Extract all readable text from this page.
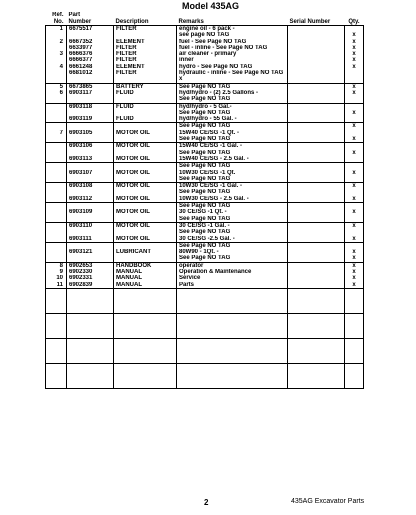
Model 435AG
Ref.
No.	Part
Number	Description	Remarks	Serial Number	Qty.
1	6675517	FILTER	engine oil - 6 pack -		
			see page NO TAG		x
2	6667352	ELEMENT	fuel - See Page NO TAG		x
	6633977	FILTER	fuel - inline - See Page NO TAG		x
3	6666376	FILTER	air cleaner - primary		x
	6666377	FILTER	inner		x
4	6661248	ELEMENT	hydro - See Page NO TAG		x
	6681012	FILTER	hydraulic - inline - See Page NO TAG		
			x		
5	6673865	BATTERY	See Page NO TAG		x
6	6903117	FLUID	hyd/hydro - (2) 2.5 Gallons -		x
			See Page NO TAG		
	6903118	FLUID	hyd/hydro - 5 Gal.-		
			See Page NO TAG		x
	6903119	FLUID	hyd/hydro - 55 Gal. -		
			See Page NO TAG		x
7	6903105	MOTOR OIL	15W40 CE/SG -1 Qt. -		
			See Page NO TAG		x
	6903106	MOTOR OIL	15W40 CE/SG -1 Gal. -		
			See Page NO TAG		x
	6903113	MOTOR OIL	15W40 CE/SG - 2.5 Gal. -		
			See Page NO TAG		
	6903107	MOTOR OIL	10W30 CE/SG -1 Qt.		x
			See Page NO TAG		
	6903108	MOTOR OIL	10W30 CE/SG -1 Gal. -		x
			See Page NO TAG		
	6903112	MOTOR OIL	10W30 CE/SG - 2.5 Gal. -		x
			See Page NO TAG		
	6903109	MOTOR OIL	30 CE/SG -1 Qt. -		x
			See Page NO TAG		
	6903110	MOTOR OIL	30 CE/SG -1 Gal. -		x
			See Page NO TAG		
	6903111	MOTOR OIL	30 CE/SG -2.5 Gal. -		x
			See Page NO TAG		
	6903121	LUBRICANT	80W90 - 1Qt. -		x
			See Page NO TAG		x
8	6902653	HANDBOOK	operator		x
9	6902330	MANUAL	Operation & Maintenance		x
10	6902331	MANUAL	Service		x
11	6902839	MANUAL	Parts		x

2	435AG Excavator Parts
